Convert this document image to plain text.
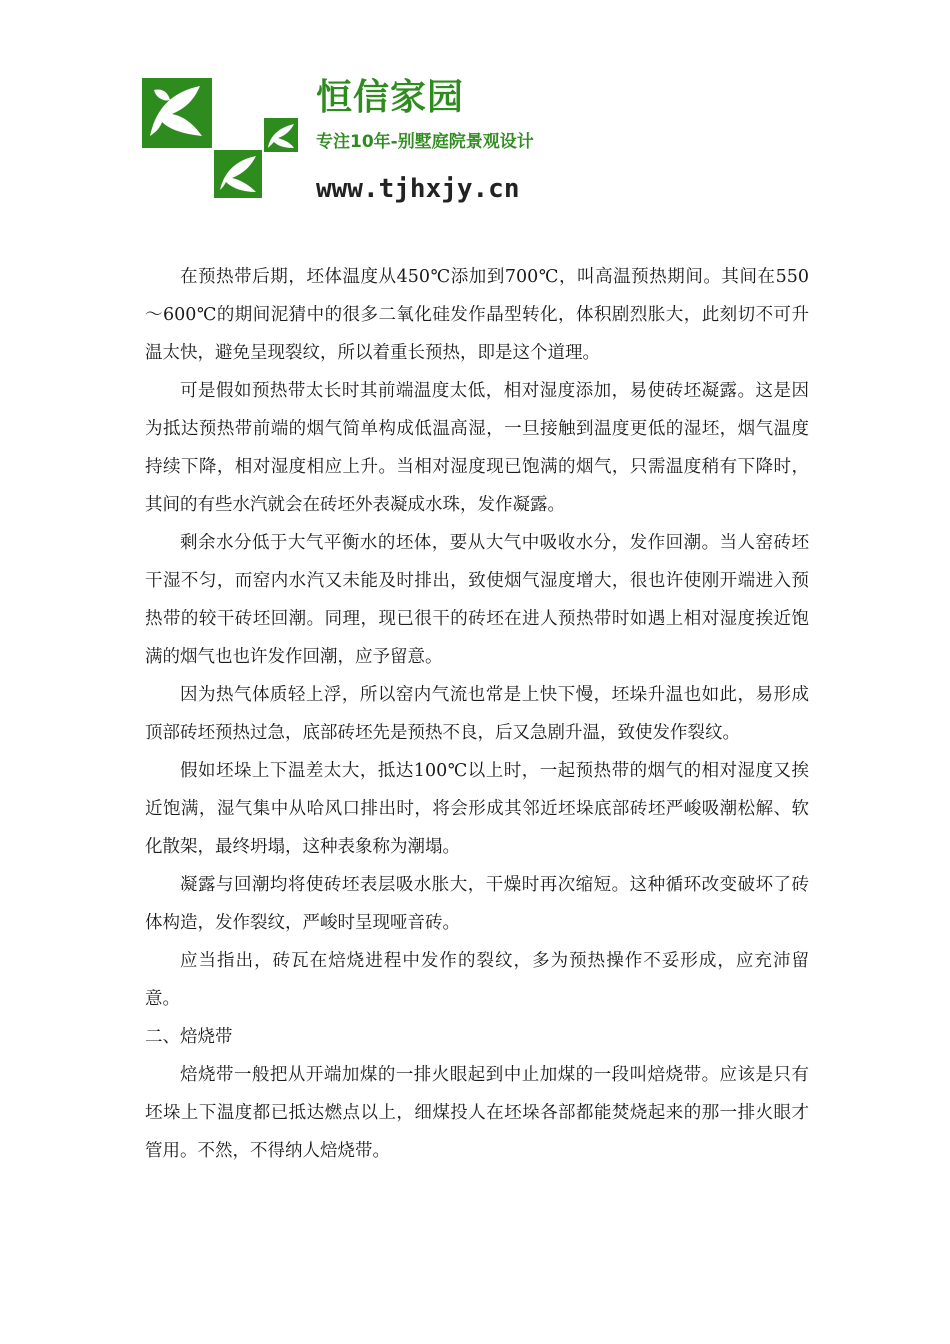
恒信家园
专注10年-别墅庭院景观设计
www.tjhxjy.cn

在预热带后期，坯体温度从450℃添加到700℃，叫高温预热期间。其间在550～600℃的期间泥猜中的很多二氧化硅发作晶型转化，体积剧烈胀大，此刻切不可升温太快，避免呈现裂纹，所以着重长预热，即是这个道理。

可是假如预热带太长时其前端温度太低，相对湿度添加，易使砖坯凝露。这是因为抵达预热带前端的烟气简单构成低温高湿，一旦接触到温度更低的湿坯，烟气温度持续下降，相对湿度相应上升。当相对湿度现已饱满的烟气，只需温度稍有下降时，其间的有些水汽就会在砖坯外表凝成水珠，发作凝露。

剩余水分低于大气平衡水的坯体，要从大气中吸收水分，发作回潮。当人窑砖坯干湿不匀，而窑内水汽又未能及时排出，致使烟气湿度增大，很也许使刚开端进入预热带的较干砖坯回潮。同理，现已很干的砖坯在进人预热带时如遇上相对湿度挨近饱满的烟气也也许发作回潮，应予留意。

因为热气体质轻上浮，所以窑内气流也常是上快下慢，坯垛升温也如此，易形成顶部砖坯预热过急，底部砖坯先是预热不良，后又急剧升温，致使发作裂纹。

假如坯垛上下温差太大，抵达100℃以上时，一起预热带的烟气的相对湿度又挨近饱满，湿气集中从哈风口排出时，将会形成其邻近坯垛底部砖坯严峻吸潮松解、软化散架，最终坍塌，这种表象称为潮塌。

凝露与回潮均将使砖坯表层吸水胀大，干燥时再次缩短。这种循环改变破坏了砖体构造，发作裂纹，严峻时呈现哑音砖。

应当指出，砖瓦在焙烧进程中发作的裂纹，多为预热操作不妥形成，应充沛留意。

二、焙烧带

焙烧带一般把从开端加煤的一排火眼起到中止加煤的一段叫焙烧带。应该是只有坯垛上下温度都已抵达燃点以上，细煤投人在坯垛各部都能焚烧起来的那一排火眼才管用。不然，不得纳人焙烧带。
